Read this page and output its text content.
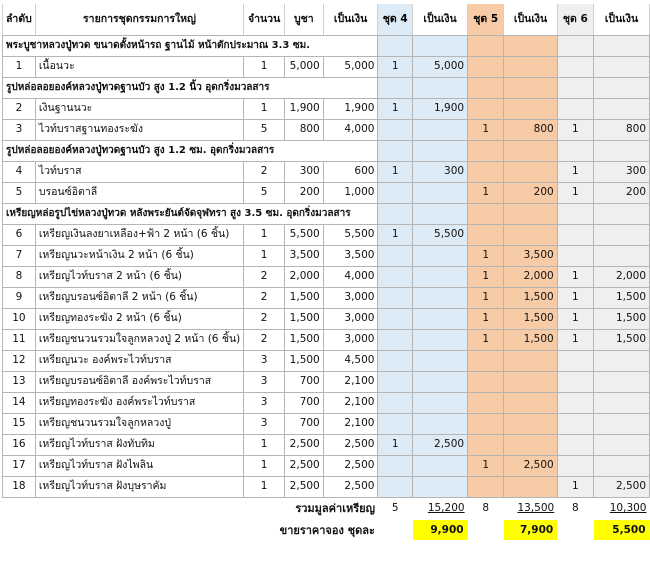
ลำดับ	รายการชุดกรรมการใหญ่	จำนวน	บูชา	เป็นเงิน	ชุด 4	เป็นเงิน	ชุด 5	เป็นเงิน	ชุด 6	เป็นเงิน
พระบูชาหลวงปู่ทวด ขนาดตั้งหน้ารถ ฐานไม้ หน้าตักประมาณ 3.3 ซม.										
1	เนื้อนวะ	1	5,000	5,000	1	5,000				
รูปหล่อลอยองค์หลวงปู่ทวดฐานบัว สูง 1.2 นิ้ว อุดกริ่งมวลสาร										
2	เงินฐานนวะ	1	1,900	1,900	1	1,900				
3	ไวท์บราสฐานทองระฆัง	5	800	4,000			1	800	1	800
รูปหล่อลอยองค์หลวงปู่ทวดฐานบัว สูง 1.2 ซม. อุดกริ่งมวลสาร										
4	ไวท์บราส	2	300	600	1	300			1	300
5	บรอนซ์อิตาลี	5	200	1,000			1	200	1	200
เหรียญหล่อรูปไข่หลวงปู่ทวด หลังพระยันต์จัดจุฬทรา สูง 3.5 ซม. อุดกริ่งมวลสาร										
6	เหรียญเงินลงยาเหลือง+ฟ้า 2 หน้า (6 ชิ้น)	1	5,500	5,500	1	5,500				
7	เหรียญนวะหน้าเงิน 2 หน้า (6 ชิ้น)	1	3,500	3,500			1	3,500		
8	เหรียญไวท์บราส 2 หน้า (6 ชิ้น)	2	2,000	4,000			1	2,000	1	2,000
9	เหรียญบรอนซ์อิตาลี 2 หน้า (6 ชิ้น)	2	1,500	3,000			1	1,500	1	1,500
10	เหรียญทองระฆัง 2 หน้า (6 ชิ้น)	2	1,500	3,000			1	1,500	1	1,500
11	เหรียญชนวนรวมใจลูกหลวงปู่ 2 หน้า (6 ชิ้น)	2	1,500	3,000			1	1,500	1	1,500
12	เหรียญนวะ องค์พระไวท์บราส	3	1,500	4,500						
13	เหรียญบรอนซ์อิตาลี องค์พระไวท์บราส	3	700	2,100						
14	เหรียญทองระฆัง องค์พระไวท์บราส	3	700	2,100						
15	เหรียญชนวนรวมใจลูกหลวงปู่	3	700	2,100						
16	เหรียญไวท์บราส ฝังทับทิม	1	2,500	2,500	1	2,500				
17	เหรียญไวท์บราส ฝังไพลิน	1	2,500	2,500			1	2,500		
18	เหรียญไวท์บราส ฝังบุษราคัม	1	2,500	2,500					1	2,500
รวมมูลค่าเหรียญ					5	15,200	8	13,500	8	10,300
ขายราคาจอง ชุดละ						9,900		7,900		5,500
